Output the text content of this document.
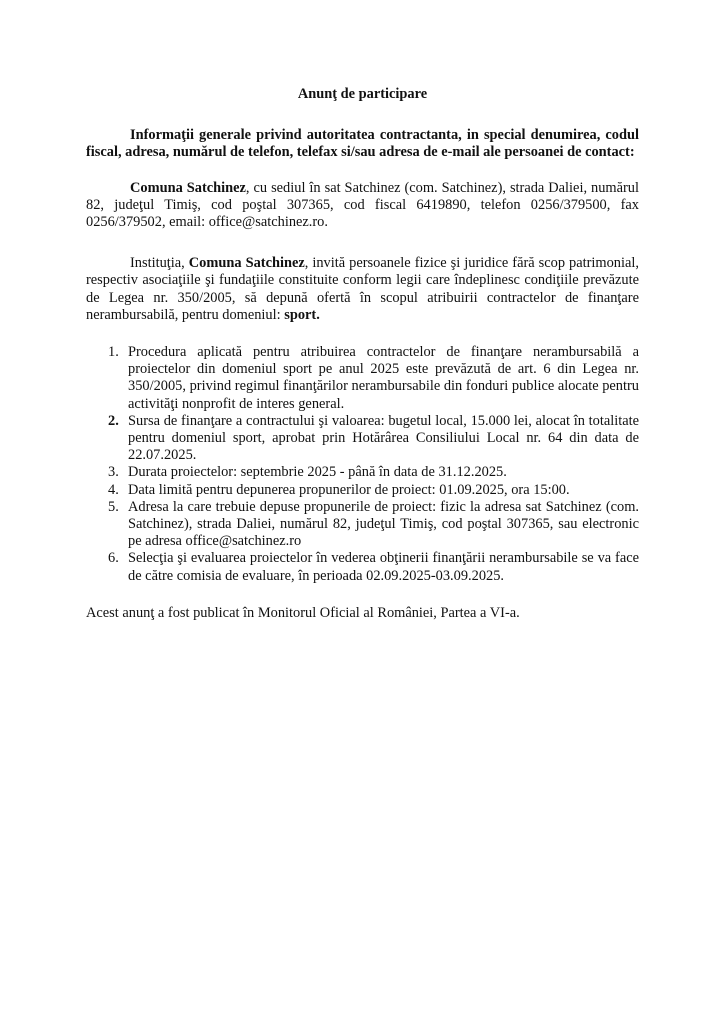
Anunţ de participare

Informaţii generale privind autoritatea contractanta, in special denumirea, codul fiscal, adresa, numărul de telefon, telefax si/sau adresa de e-mail ale persoanei de contact:

Comuna Satchinez, cu sediul în sat Satchinez (com. Satchinez), strada Daliei, numărul 82, judeţul Timiş, cod poştal 307365, cod fiscal 6419890, telefon 0256/379500, fax 0256/379502, email: office@satchinez.ro.

Instituţia, Comuna Satchinez, invită persoanele fizice şi juridice fără scop patrimonial, respectiv asociaţiile şi fundaţiile constituite conform legii care îndeplinesc condiţiile prevăzute de Legea nr. 350/2005, să depună ofertă în scopul atribuirii contractelor de finanţare nerambursabilă, pentru domeniul: sport.

1. Procedura aplicată pentru atribuirea contractelor de finanţare nerambursabilă a proiectelor din domeniul sport pe anul 2025 este prevăzută de art. 6 din Legea nr. 350/2005, privind regimul finanţărilor nerambursabile din fonduri publice alocate pentru activităţi nonprofit de interes general.
2. Sursa de finanţare a contractului şi valoarea: bugetul local, 15.000 lei, alocat în totalitate pentru domeniul sport, aprobat prin Hotărârea Consiliului Local nr. 64 din data de 22.07.2025.
3. Durata proiectelor: septembrie 2025 - până în data de 31.12.2025.
4. Data limită pentru depunerea propunerilor de proiect: 01.09.2025, ora 15:00.
5. Adresa la care trebuie depuse propunerile de proiect: fizic la adresa sat Satchinez (com. Satchinez), strada Daliei, numărul 82, judeţul Timiş, cod poştal 307365, sau electronic pe adresa office@satchinez.ro
6. Selecţia şi evaluarea proiectelor în vederea obţinerii finanţării nerambursabile se va face de către comisia de evaluare, în perioada 02.09.2025-03.09.2025.

Acest anunţ a fost publicat în Monitorul Oficial al României, Partea a VI-a.
